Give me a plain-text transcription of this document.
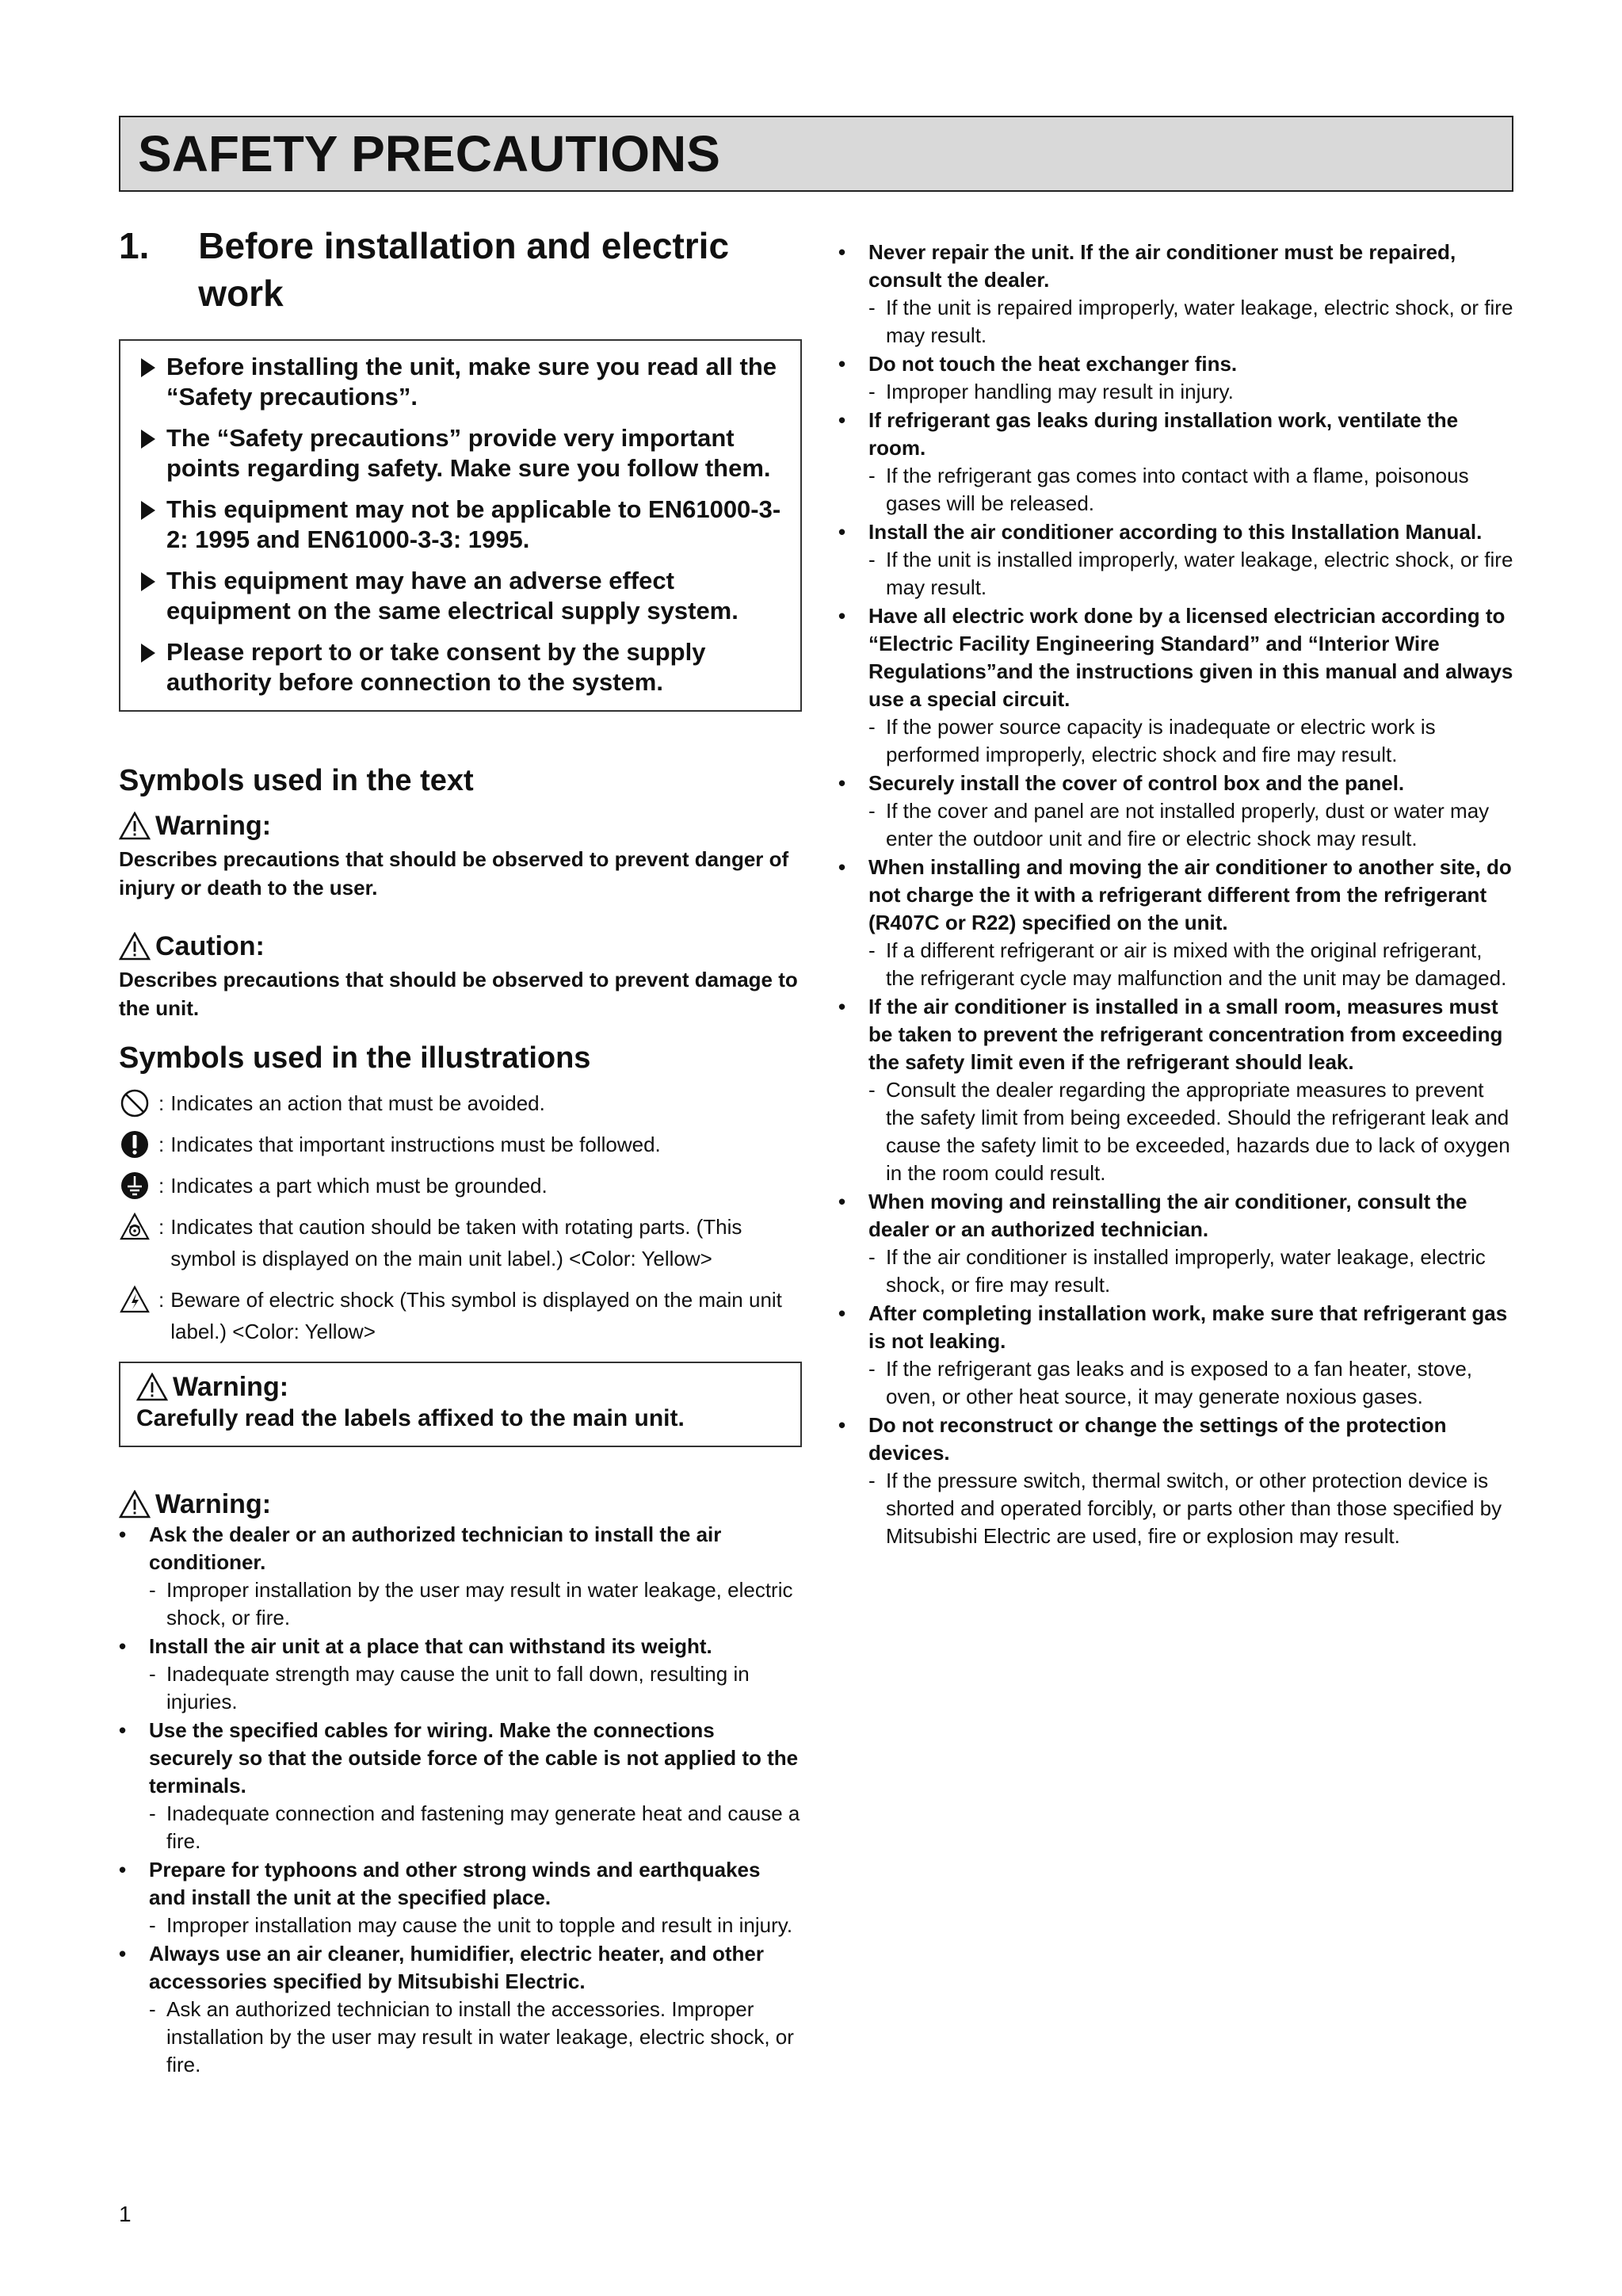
SAFETY PRECAUTIONS
1.	Before installation and electric work
Before installing the unit, make sure you read all the “Safety precautions”.
The “Safety precautions” provide very important points regarding safety. Make sure you follow them.
This equipment may not be applicable to EN61000-3-2: 1995 and EN61000-3-3: 1995.
This equipment may have an adverse effect equipment on the same electrical supply system.
Please report to or take consent by the supply authority before connection to the system.
Symbols used in the text
Warning:
Describes precautions that should be observed to prevent danger of injury or death to the user.
Caution:
Describes precautions that should be observed to prevent damage to the unit.
Symbols used in the illustrations
: Indicates an action that must be avoided.
: Indicates that important instructions must be followed.
: Indicates a part which must be grounded.
: Indicates that caution should be taken with rotating parts. (This symbol is displayed on the main unit label.) <Color: Yellow>
: Beware of electric shock (This symbol is displayed on the main unit label.) <Color: Yellow>
Warning:
Carefully read the labels affixed to the main unit.
Warning:
•	Ask the dealer or an authorized technician to install the air conditioner.
- Improper installation by the user may result in water leakage, electric shock, or fire.
•	Install the air unit at a place that can withstand its weight.
- Inadequate strength may cause the unit to fall down, resulting in injuries.
•	Use the specified cables for wiring. Make the connections securely so that the outside force of the cable is not applied to the terminals.
- Inadequate connection and fastening may generate heat and cause a fire.
•	Prepare for typhoons and other strong winds and earthquakes and install the unit at the specified place.
- Improper installation may cause the unit to topple and result in injury.
•	Always use an air cleaner, humidifier, electric heater, and other accessories specified by Mitsubishi Electric.
- Ask an authorized technician to install the accessories. Improper installation by the user may result in water leakage, electric shock, or fire.
•	Never repair the unit. If the air conditioner must be repaired, consult the dealer.
- If the unit is repaired improperly, water leakage, electric shock, or fire may result.
•	Do not touch the heat exchanger fins.
- Improper handling may result in injury.
•	If refrigerant gas leaks during installation work, ventilate the room.
- If the refrigerant gas comes into contact with a flame, poisonous gases will be released.
•	Install the air conditioner according to this Installation Manual.
- If the unit is installed improperly, water leakage, electric shock, or fire may result.
•	Have all electric work done by a licensed electrician according to “Electric Facility Engineering Standard” and “Interior Wire Regulations”and the instructions given in this manual and always use a special circuit.
- If the power source capacity is inadequate or electric work is performed improperly, electric shock and fire may result.
•	Securely install the cover of control box and the panel.
- If the cover and panel are not installed properly, dust or water may enter the outdoor unit and fire or electric shock may result.
•	When installing and moving the air conditioner to another site, do not charge the it with a refrigerant different from the refrigerant (R407C or R22) specified on the unit.
- If a different refrigerant or air is mixed with the original refrigerant, the refrigerant cycle may malfunction and the unit may be damaged.
•	If the air conditioner is installed in a small room, measures must be taken to prevent the refrigerant concentration from exceeding the safety limit even if the refrigerant should leak.
- Consult the dealer regarding the appropriate measures to prevent the safety limit from being exceeded. Should the refrigerant leak and cause the safety limit to be exceeded, hazards due to lack of oxygen in the room could result.
•	When moving and reinstalling the air conditioner, consult the dealer or an authorized technician.
- If the air conditioner is installed improperly, water leakage, electric shock, or fire may result.
•	After completing installation work, make sure that refrigerant gas is not leaking.
- If the refrigerant gas leaks and is exposed to a fan heater, stove, oven, or other heat source, it may generate noxious gases.
•	Do not reconstruct or change the settings of the protection devices.
- If the pressure switch, thermal switch, or other protection device is shorted and operated forcibly, or parts other than those specified by Mitsubishi Electric are used, fire or explosion may result.
1
